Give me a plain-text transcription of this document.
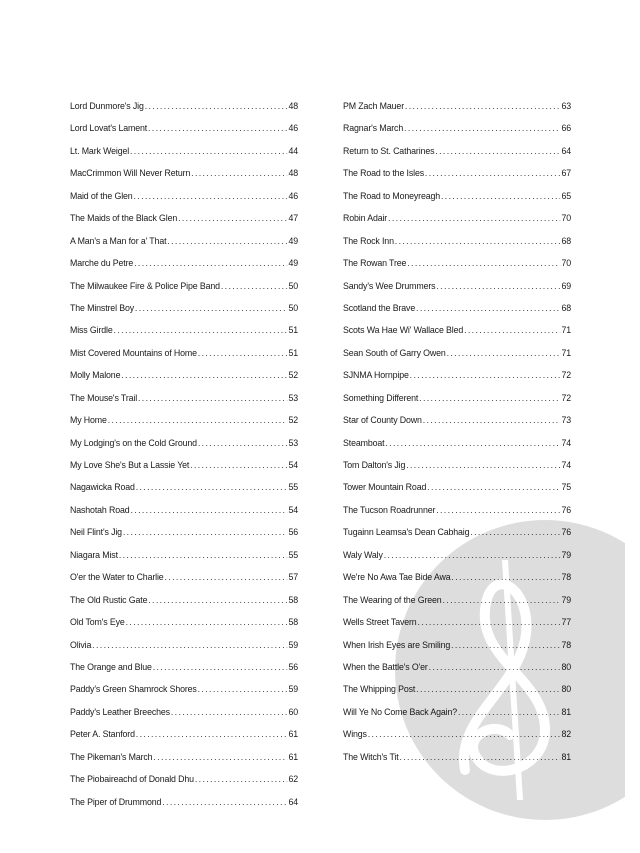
Lord Dunmore's Jig . . .	48
Lord Lovat's Lament . . .	46
Lt. Mark Weigel . . .	44
MacCrimmon Will Never Return . . .	48
Maid of the Glen . . .	46
The Maids of the Black Glen . . .	47
A Man's a Man for a' That . . .	49
Marche du Petre . . .	49
The Milwaukee Fire & Police Pipe Band . . .	50
The Minstrel Boy . . .	50
Miss Girdle . . .	51
Mist Covered Mountains of Home . . .	51
Molly Malone . . .	52
The Mouse's Trail . . .	53
My Home . . .	52
My Lodging's on the Cold Ground . . .	53
My Love She's But a Lassie Yet . . .	54
Nagawicka Road . . .	55
Nashotah Road . . .	54
Neil Flint's Jig . . .	56
Niagara Mist . . .	55
O'er the Water to Charlie . . .	57
The Old Rustic Gate . . .	58
Old Tom's Eye . . .	58
Olivia . . .	59
The Orange and Blue . . .	56
Paddy's Green Shamrock Shores . . .	59
Paddy's Leather Breeches . . .	60
Peter A. Stanford . . .	61
The Pikeman's March . . .	61
The Piobaireachd of Donald Dhu . . .	62
The Piper of Drummond . . .	64
PM Zach Mauer . . .	63
Ragnar's March . . .	66
Return to St. Catharines . . .	64
The Road to the Isles . . .	67
The Road to Moneyreagh . . .	65
Robin Adair . . .	70
The Rock Inn . . .	68
The Rowan Tree . . .	70
Sandy's Wee Drummers . . .	69
Scotland the Brave . . .	68
Scots Wa Hae Wi' Wallace Bled . . .	71
Sean South of Garry Owen . . .	71
SJNMA Hornpipe . . .	72
Something Different . . .	72
Star of County Down . . .	73
Steamboat . . .	74
Tom Dalton's Jig . . .	74
Tower Mountain Road . . .	75
The Tucson Roadrunner . . .	76
Tugainn Leamsa's Dean Cabhaig . . .	76
Waly Waly . . .	79
We're No Awa Tae Bide Awa . . .	78
The Wearing of the Green . . .	79
Wells Street Tavern . . .	77
When Irish Eyes are Smiling . . .	78
When the Battle's O'er . . .	80
The Whipping Post . . .	80
Will Ye No Come Back Again? . . .	81
Wings . . .	82
The Witch's Tit . . .	81
